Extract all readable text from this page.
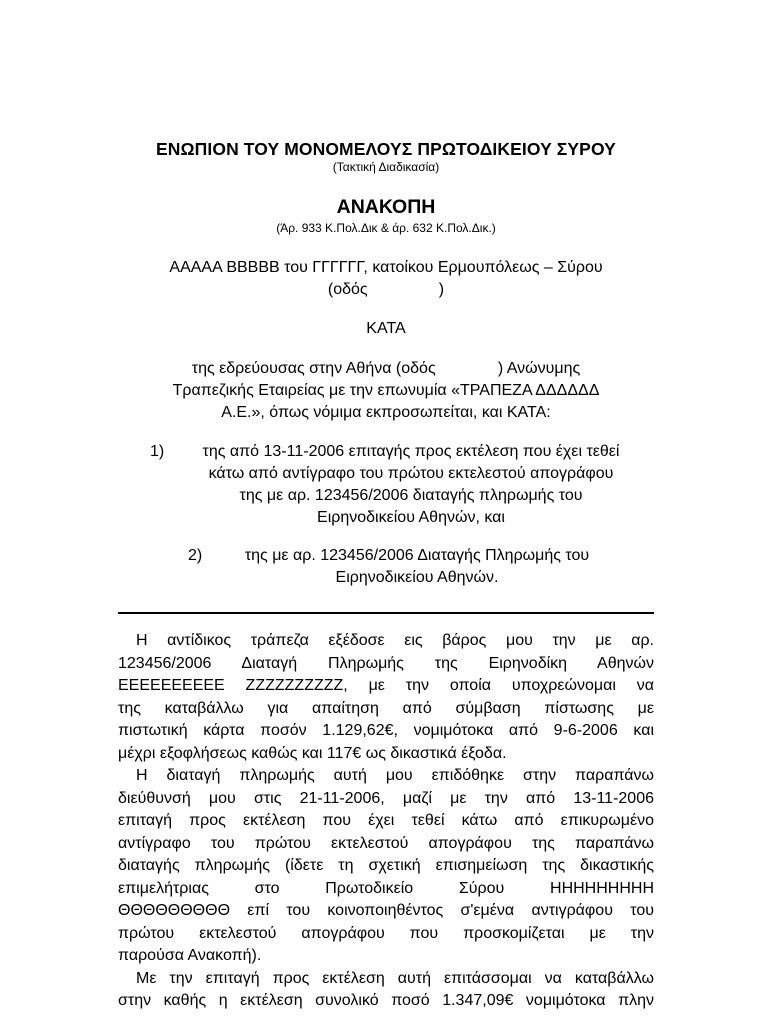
ΕΝΩΠΙΟΝ ΤΟΥ ΜΟΝΟΜΕΛΟΥΣ ΠΡΩΤΟΔΙΚΕΙΟΥ ΣΥΡΟΥ
(Τακτική Διαδικασία)
ΑΝΑΚΟΠΗ
(Άρ. 933 Κ.Πολ.Δικ & άρ. 632 Κ.Πολ.Δικ.)
ΑΑΑΑΑ ΒΒΒΒΒ του ΓΓΓΓΓΓ, κατοίκου Ερμουπόλεως – Σύρου
(οδός                )
ΚΑΤΑ
της εδρεύουσας στην Αθήνα (οδός              ) Ανώνυμης
Τραπεζικής Εταιρείας με την επωνυμία «ΤΡΑΠΕΖΑ ΔΔΔΔΔΔ
Α.Ε.», όπως νόμιμα εκπροσωπείται, και ΚΑΤΑ:
1)	της από 13-11-2006 επιταγής προς εκτέλεση που έχει τεθεί
κάτω από αντίγραφο του πρώτου εκτελεστού απογράφου
της με αρ. 123456/2006 διαταγής πληρωμής του
Ειρηνοδικείου Αθηνών, και
2)	της με αρ. 123456/2006 Διαταγής Πληρωμής του
Ειρηνοδικείου Αθηνών.
Η αντίδικος τράπεζα εξέδοσε εις βάρος μου την με αρ.
123456/2006 Διαταγή Πληρωμής της Ειρηνοδίκη Αθηνών
ΕΕΕΕΕΕΕΕΕΕ ΖΖΖΖΖΖΖΖΖΖ, με την οποία υποχρεώνομαι να
της καταβάλλω για απαίτηση από σύμβαση πίστωσης με
πιστωτική κάρτα ποσόν 1.129,62€, νομιμότοκα από 9-6-2006 και
μέχρι εξοφλήσεως καθώς και 117€ ως δικαστικά έξοδα.
Η διαταγή πληρωμής αυτή μου επιδόθηκε στην παραπάνω
διεύθυνσή μου στις 21-11-2006, μαζί με την από 13-11-2006
επιταγή προς εκτέλεση που έχει τεθεί κάτω από επικυρωμένο
αντίγραφο του πρώτου εκτελεστού απογράφου της παραπάνω
διαταγής πληρωμής (ίδετε τη σχετική επισημείωση της δικαστικής
επιμελήτριας στο Πρωτοδικείο Σύρου ΗΗΗΗΗΗΗΗΗ
ΘΘΘΘΘΘΘΘΘ επί του κοινοποιηθέντος σ'εμένα αντιγράφου του
πρώτου εκτελεστού απογράφου που προσκομίζεται με την
παρούσα Ανακοπή).
Με την επιταγή προς εκτέλεση αυτή επιτάσσομαι να καταβάλλω
στην καθής η εκτέλεση συνολικό ποσό 1.347,09€ νομιμότοκα πλην
